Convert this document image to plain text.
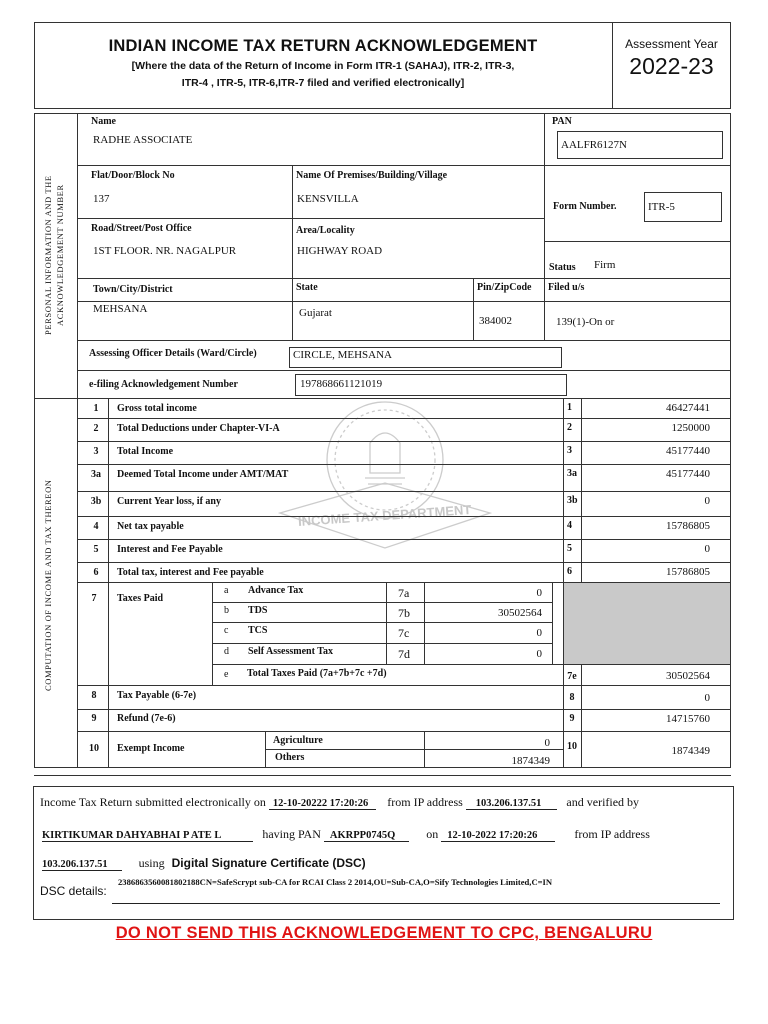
INDIAN INCOME TAX RETURN ACKNOWLEDGEMENT
[Where the data of the Return of Income in Form ITR-1 (SAHAJ), ITR-2, ITR-3,
ITR-4 , ITR-5, ITR-6,ITR-7 filed and verified electronically]
Assessment Year
2022-23
PERSONAL INFORMATION AND THE ACKNOWLEDGEMENT NUMBER
Name
RADHE ASSOCIATE
PAN
AALFR6127N
Flat/Door/Block No
137
Name Of Premises/Building/Village
KENSVILLA
Form Number.	ITR-5
Road/Street/Post Office
1ST FLOOR. NR. NAGALPUR
Area/Locality
HIGHWAY ROAD
Status Firm
Town/City/District
MEHSANA
State
Gujarat
Pin/ZipCode
384002
Filed u/s
139(1)-On or
Assessing Officer Details (Ward/Circle)	CIRCLE, MEHSANA
e-filing Acknowledgement Number	197868661121019
COMPUTATION OF INCOME AND TAX THEREON	INCOME TAX DEPARTMENT
1	Gross total income	1	46427441
2	Total Deductions under Chapter-VI-A	2	1250000
3	Total Income	3	45177440
3a	Deemed Total Income under AMT/MAT	3a	45177440
3b	Current Year loss, if any	3b	0
4	Net tax payable	4	15786805
5	Interest and Fee Payable	5	0
6	Total tax, interest and Fee payable	6	15786805
7	Taxes Paid
a Advance Tax	7a	0
b TDS	7b	30502564
c TCS	7c	0
d Self Assessment Tax	7d	0
e Total Taxes Paid (7a+7b+7c +7d)	7e	30502564
8	Tax Payable (6-7e)	8	0
9	Refund (7e-6)	9	14715760
10	Exempt Income
Agriculture	0
Others	1874349
10	1874349
Income Tax Return submitted electronically on 12-10-20222 17:20:26 from IP address 103.206.137.51 and verified by
KIRTIKUMAR DAHYABHAI P ATE L	having PAN AKRPP0745Q	on 12-10-2022 17:20:26	from IP address
103.206.137.51	using Digital Signature Certificate (DSC)
DSC details:
2386863560081802188CN=SafeScrypt sub-CA for RCAI Class 2 2014,OU=Sub-CA,O=Sify Technologies Limited,C=IN
DO NOT SEND THIS ACKNOWLEDGEMENT TO CPC, BENGALURU
